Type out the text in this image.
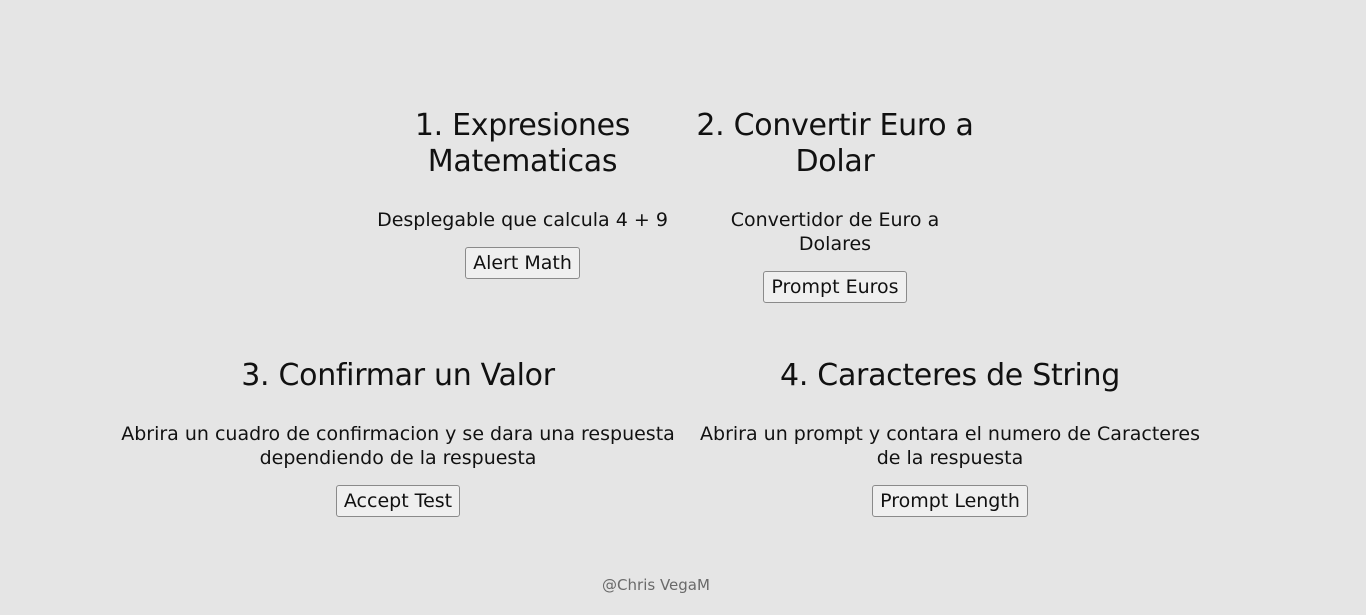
1. Expresiones Matematicas

Desplegable que calcula 4 + 9

Alert Math
2. Convertir Euro a Dolar

Convertidor de Euro a Dolares

Prompt Euros
3. Confirmar un Valor

Abrira un cuadro de confirmacion y se dara una respuesta dependiendo de la respuesta

Accept Test
4. Caracteres de String

Abrira un prompt y contara el numero de Caracteres de la respuesta

Prompt Length
@Chris VegaM
